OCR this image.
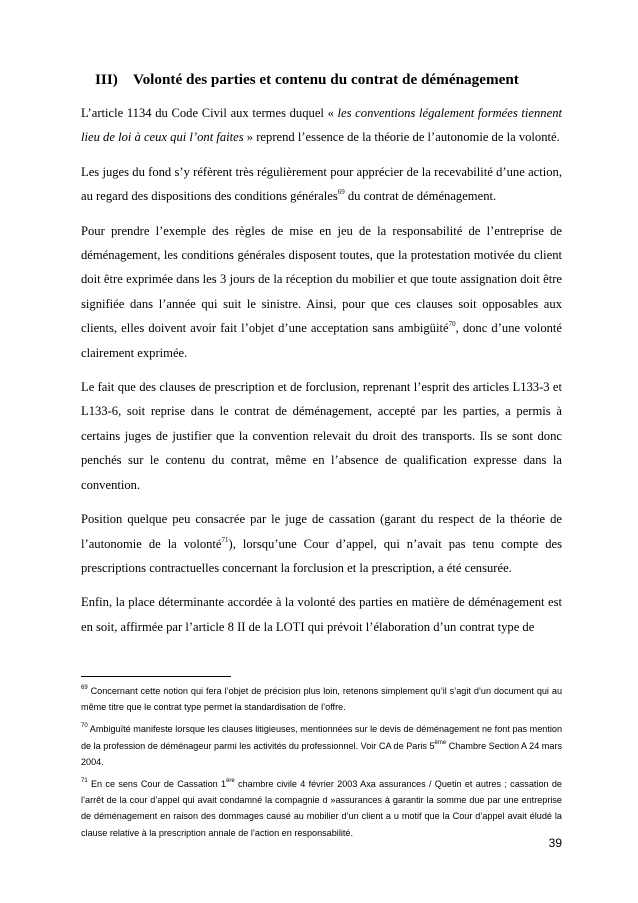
III) Volonté des parties et contenu du contrat de déménagement

L’article 1134 du Code Civil aux termes duquel « les conventions légalement formées tiennent lieu de loi à ceux qui l’ont faites » reprend l’essence de la théorie de l’autonomie de la volonté.

Les juges du fond s’y réfèrent très régulièrement pour apprécier de la recevabilité d’une action, au regard des dispositions des conditions générales$^{69}$ du contrat de déménagement.

Pour prendre l’exemple des règles de mise en jeu de la responsabilité de l’entreprise de déménagement, les conditions générales disposent toutes, que la protestation motivée du client doit être exprimée dans les 3 jours de la réception du mobilier et que toute assignation doit être signifiée dans l’année qui suit le sinistre. Ainsi, pour que ces clauses soit opposables aux clients, elles doivent avoir fait l’objet d’une acceptation sans ambigüité$^{70}$, donc d’une volonté clairement exprimée.

Le fait que des clauses de prescription et de forclusion, reprenant l’esprit des articles L133-3 et L133-6, soit reprise dans le contrat de déménagement, accepté par les parties, a permis à certains juges de justifier que la convention relevait du droit des transports. Ils se sont donc penchés sur le contenu du contrat, même en l’absence de qualification expresse dans la convention.

Position quelque peu consacrée par le juge de cassation (garant du respect de la théorie de l’autonomie de la volonté$^{71}$), lorsqu’une Cour d’appel, qui n’avait pas tenu compte des prescriptions contractuelles concernant la forclusion et la prescription, a été censurée.

Enfin, la place déterminante accordée à la volonté des parties en matière de déménagement est en soit, affirmée par l’article 8 II de la LOTI qui prévoit l’élaboration d’un contrat type de

$^{69}$ Concernant cette notion qui fera l’objet de précision plus loin, retenons simplement qu’il s’agit d’un document qui au même titre que le contrat type permet la standardisation de l’offre.

$^{70}$ Ambiguïté manifeste lorsque les clauses litigieuses, mentionnées sur le devis de déménagement ne font pas mention de la profession de déménageur parmi les activités du professionnel. Voir CA de Paris 5ème Chambre Section A 24 mars 2004.

$^{71}$ En ce sens Cour de Cassation 1ère chambre civile 4 février 2003 Axa assurances / Quetin et autres ; cassation de l’arrêt de la cour d’appel qui avait condamné la compagnie d »assurances à garantir la somme due par une entreprise de déménagement en raison des dommages causé au mobilier d’un client a u motif que la Cour d’appel avait éludé la clause relative à la prescription annale de l’action en responsabilité.

39
